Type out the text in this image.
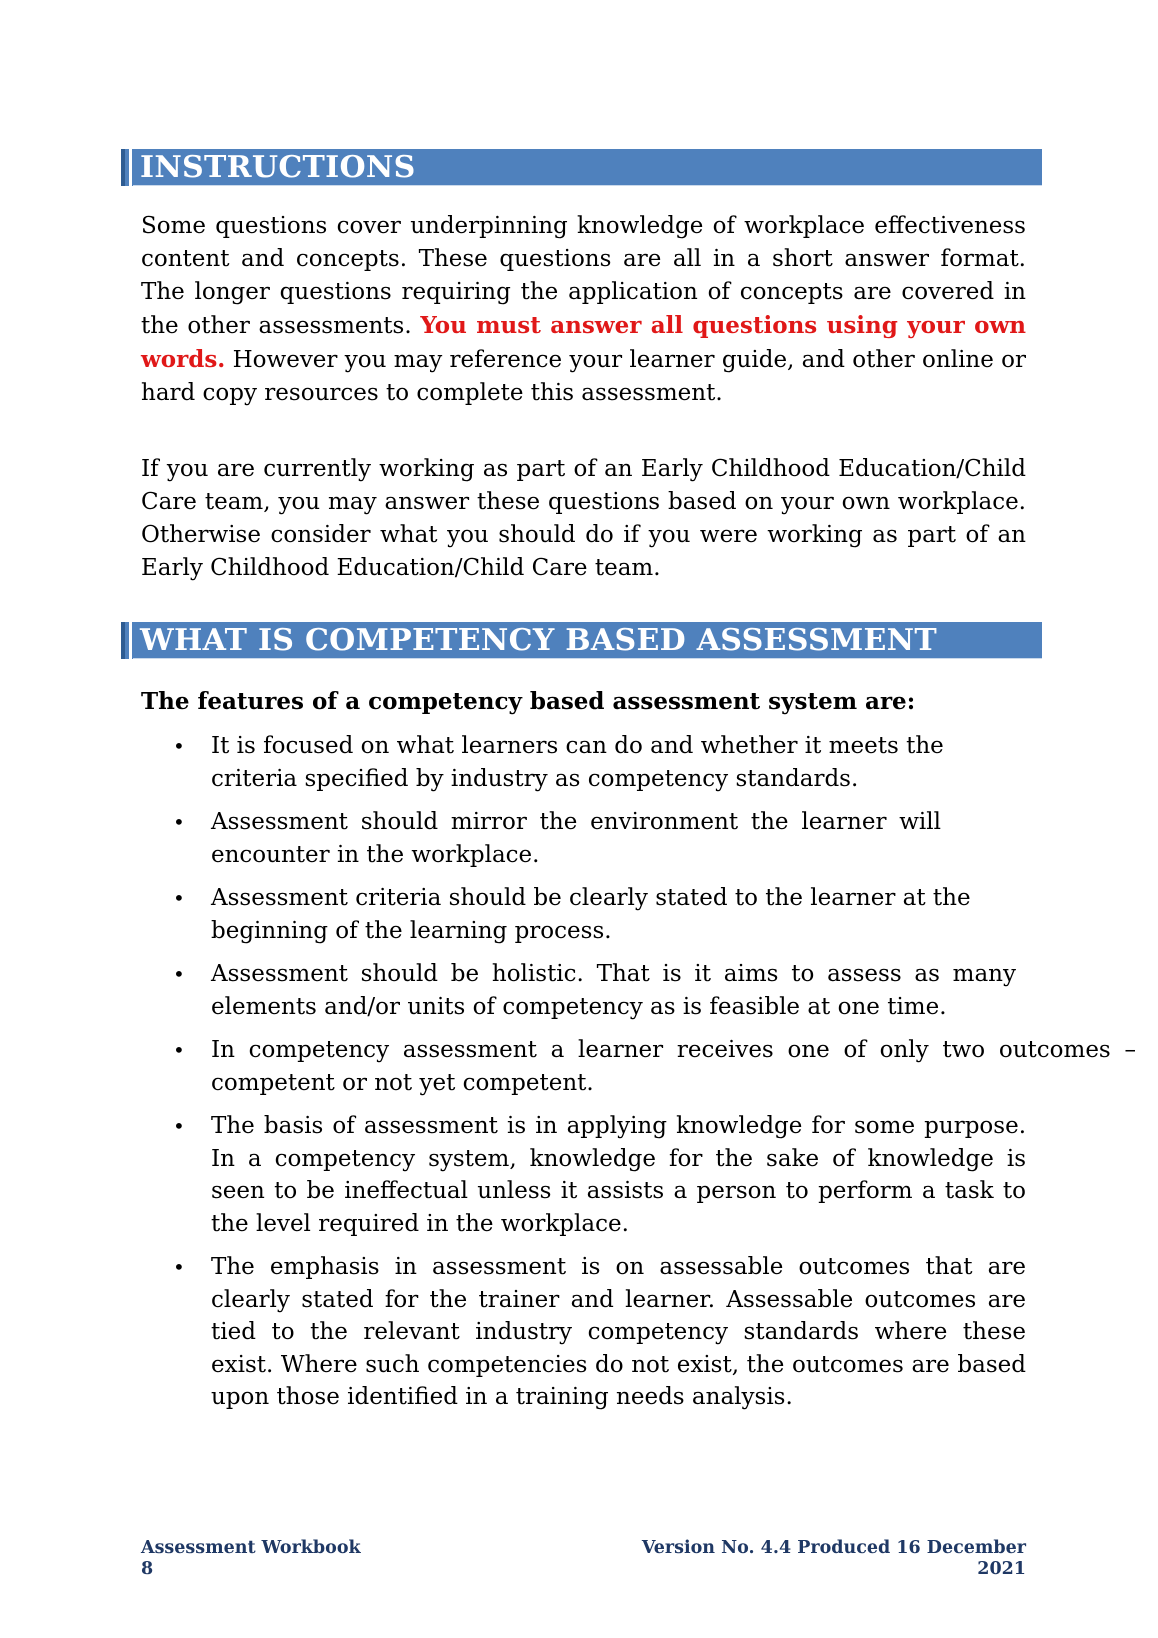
INSTRUCTIONS

Some questions cover underpinning knowledge of workplace effectiveness content and concepts. These questions are all in a short answer format. The longer questions requiring the application of concepts are covered in the other assessments. You must answer all questions using your own words. However you may reference your learner guide, and other online or hard copy resources to complete this assessment.

If you are currently working as part of an Early Childhood Education/Child Care team, you may answer these questions based on your own workplace. Otherwise consider what you should do if you were working as part of an Early Childhood Education/Child Care team.

WHAT IS COMPETENCY BASED ASSESSMENT
The features of a competency based assessment system are:
• It is focused on what learners can do and whether it meets the criteria specified by industry as competency standards.
• Assessment should mirror the environment the learner will encounter in the workplace.
• Assessment criteria should be clearly stated to the learner at the beginning of the learning process.
• Assessment should be holistic. That is it aims to assess as many elements and/or units of competency as is feasible at one time.
• In competency assessment a learner receives one of only two outcomes – competent or not yet competent.
• The basis of assessment is in applying knowledge for some purpose. In a competency system, knowledge for the sake of knowledge is seen to be ineffectual unless it assists a person to perform a task to the level required in the workplace.
• The emphasis in assessment is on assessable outcomes that are clearly stated for the trainer and learner. Assessable outcomes are tied to the relevant industry competency standards where these exist. Where such competencies do not exist, the outcomes are based upon those identified in a training needs analysis.
Assessment Workbook
8
Version No. 4.4 Produced 16 December
2021
